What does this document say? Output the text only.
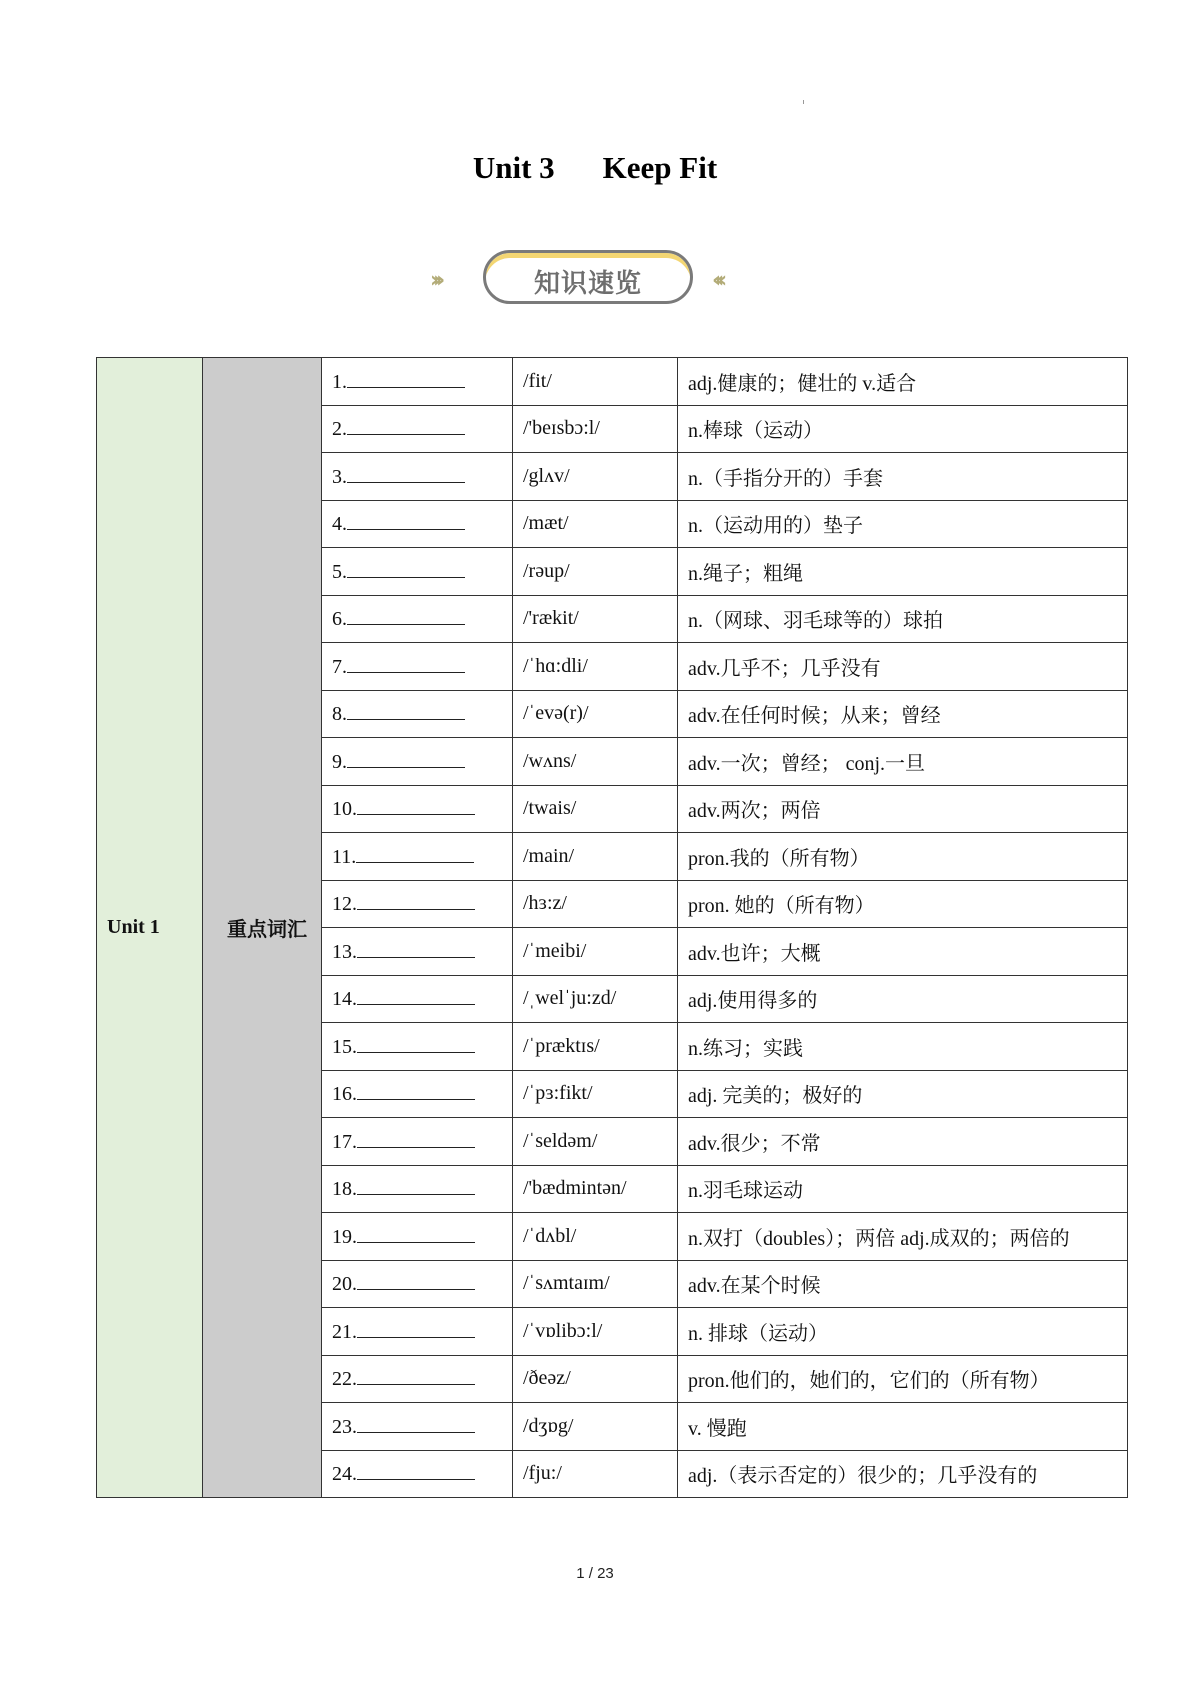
Unit 3 Keep Fit
›››	知识速览	‹‹‹
Unit 1	重点词汇	1.	/fit/	adj.健康的；健壮的 v.适合
		2.	/'beɪsbɔ:l/	n.棒球（运动）
		3.	/glʌv/	n.（手指分开的）手套
		4.	/mæt/	n.（运动用的）垫子
		5.	/rəup/	n.绳子；粗绳
		6.	/'rækit/	n.（网球、羽毛球等的）球拍
		7.	/ˈhɑ:dli/	adv.几乎不；几乎没有
		8.	/ˈevə(r)/	adv.在任何时候；从来；曾经
		9.	/wʌns/	adv.一次；曾经； conj.一旦
		10.	/twais/	adv.两次；两倍
		11.	/main/	pron.我的（所有物）
		12.	/hɜ:z/	pron. 她的（所有物）
		13.	/ˈmeibi/	adv.也许；大概
		14.	/ˌwelˈju:zd/	adj.使用得多的
		15.	/ˈpræktɪs/	n.练习；实践
		16.	/ˈpɜ:fikt/	adj. 完美的；极好的
		17.	/ˈseldəm/	adv.很少；不常
		18.	/'bædmintən/	n.羽毛球运动
		19.	/ˈdʌbl/	n.双打（doubles）；两倍 adj.成双的；两倍的
		20.	/ˈsʌmtaɪm/	adv.在某个时候
		21.	/ˈvɒlibɔ:l/	n. 排球（运动）
		22.	/ðeəz/	pron.他们的，她们的，它们的（所有物）
		23.	/dʒɒg/	v. 慢跑
		24.	/fju:/	adj.（表示否定的）很少的；几乎没有的
1 / 23
